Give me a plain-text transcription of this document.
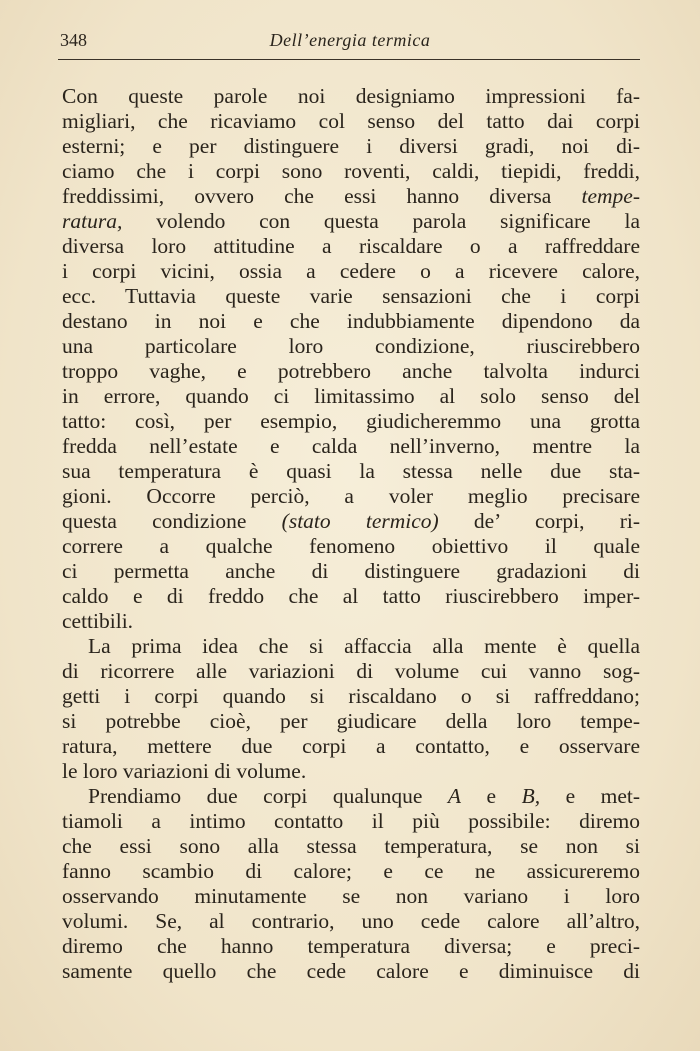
348	Dell’energia termica
Con queste parole noi designiamo impressioni fa-
migliari, che ricaviamo col senso del tatto dai corpi
esterni; e per distinguere i diversi gradi, noi di-
ciamo che i corpi sono roventi, caldi, tiepidi, freddi,
freddissimi, ovvero che essi hanno diversa tempe-
ratura, volendo con questa parola significare la
diversa loro attitudine a riscaldare o a raffreddare
i corpi vicini, ossia a cedere o a ricevere calore,
ecc. Tuttavia queste varie sensazioni che i corpi
destano in noi e che indubbiamente dipendono da
una particolare loro condizione, riuscirebbero
troppo vaghe, e potrebbero anche talvolta indurci
in errore, quando ci limitassimo al solo senso del
tatto: così, per esempio, giudicheremmo una grotta
fredda nell’estate e calda nell’inverno, mentre la
sua temperatura è quasi la stessa nelle due sta-
gioni. Occorre perciò, a voler meglio precisare
questa condizione (stato termico) de’ corpi, ri-
correre a qualche fenomeno obiettivo il quale
ci permetta anche di distinguere gradazioni di
caldo e di freddo che al tatto riuscirebbero imper-
cettibili.
La prima idea che si affaccia alla mente è quella
di ricorrere alle variazioni di volume cui vanno sog-
getti i corpi quando si riscaldano o si raffreddano;
si potrebbe cioè, per giudicare della loro tempe-
ratura, mettere due corpi a contatto, e osservare
le loro variazioni di volume.
Prendiamo due corpi qualunque A e B, e met-
tiamoli a intimo contatto il più possibile: diremo
che essi sono alla stessa temperatura, se non si
fanno scambio di calore; e ce ne assicureremo
osservando minutamente se non variano i loro
volumi. Se, al contrario, uno cede calore all’altro,
diremo che hanno temperatura diversa; e preci-
samente quello che cede calore e diminuisce di
